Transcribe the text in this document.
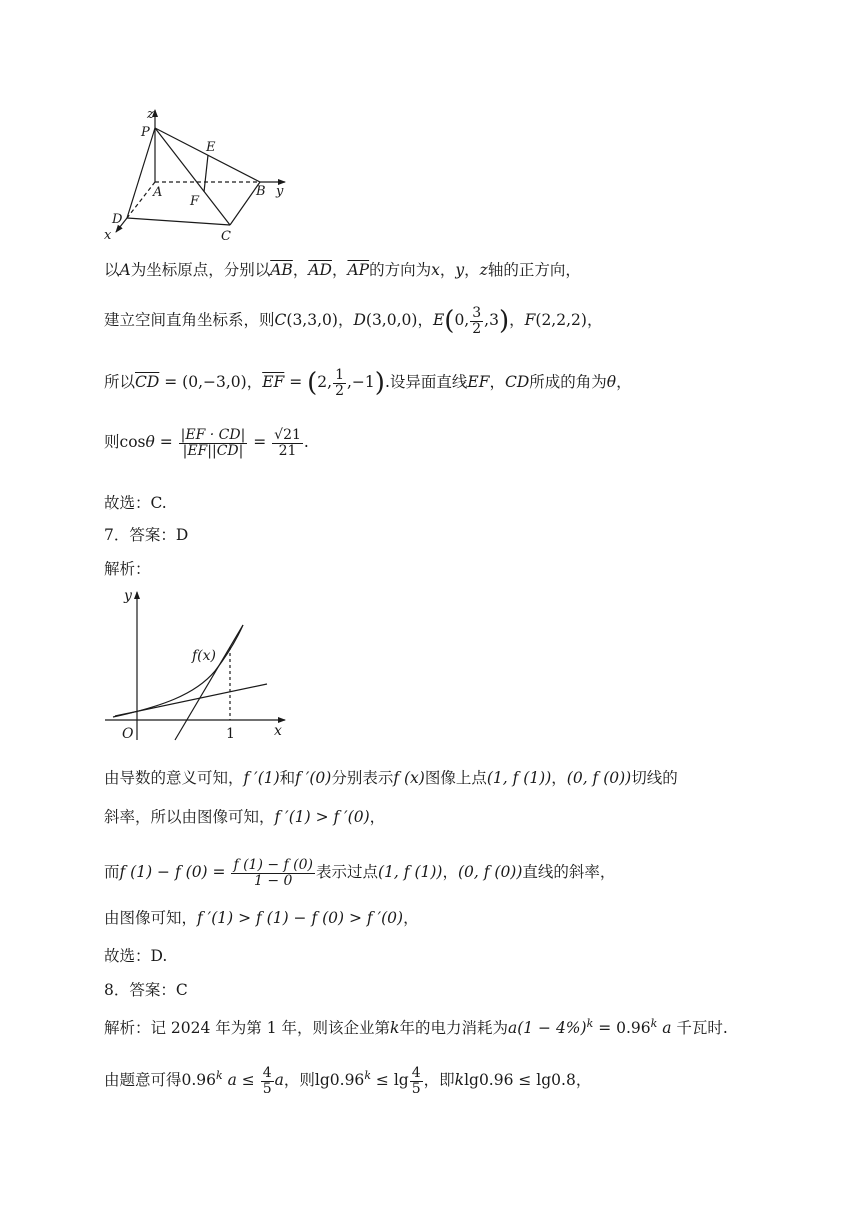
z
P
E
A	B y
F
D
x	C
以A为坐标原点，分别以$\overline{AB}$，$\overline{AD}$，$\overline{AP}$的方向为x，y，z轴的正方向，
建立空间直角坐标系，则C(3,3,0)，D(3,0,0)，E(0, $\frac{3}{2} ,3$)，F(2,2,2)，
所以$\overline{CD} = (0,-3,0)$，$\overline{EF} = (2$, $\frac{1}{2} ,-1$).设异面直线EF，CD所成的角为θ，
则$\cos\theta = \frac{|EF \cdot CD|}{|EF||CD|} = \frac{√21}{21}$ .
故选：C.
7．答案：D
解析：
y
f(x)
O	1	x
由导数的意义可知，f ′(1)和f ′(0)分别表示f (x)图像上点(1, f (1))，(0, f (0))切线的
斜率，所以由图像可知，f ′(1) > f ′(0)，
而f (1) − f $(0) = \frac{f (1) - f (0)}{1 - 0}$ 表示过点(1, f (1))，(0, f (0))直线的斜率，
由图像可知，f ′(1) > f (1) − f (0) > f ′(0)，
故选：D.
8．答案：C
解析：记 2024 年为第 1 年，则该企业第k年的电力消耗为$a(1 - 4\%)^k = 0.96^k$ a 千瓦时.
由题意可得0.96$^k$ $a \le \frac{4}{5}$ a，则$\lg 0.96^k \le \lg \frac{4}{5}$ ，即klg0.96 ≤ lg0.8，
